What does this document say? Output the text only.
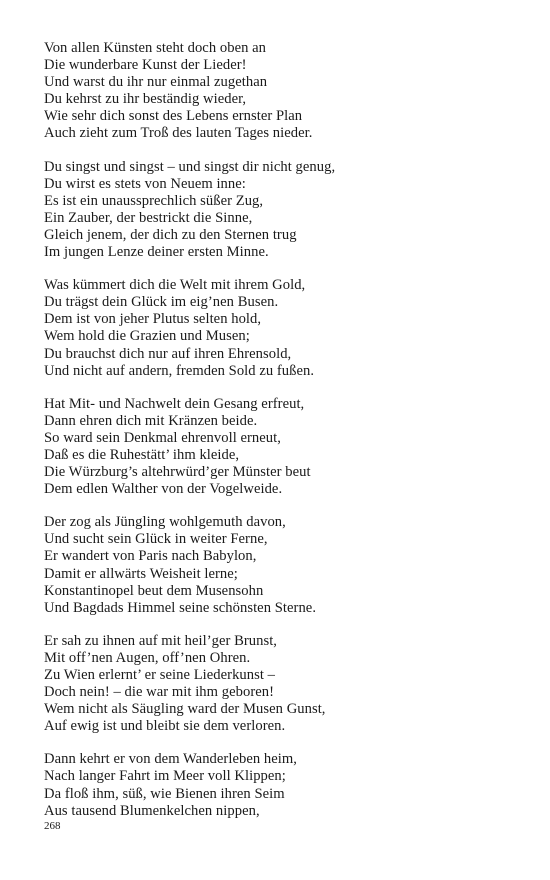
Von allen Künsten steht doch oben an
Die wunderbare Kunst der Lieder!
Und warst du ihr nur einmal zugethan
Du kehrst zu ihr beständig wieder,
Wie sehr dich sonst des Lebens ernster Plan
Auch zieht zum Troß des lauten Tages nieder.
Du singst und singst – und singst dir nicht genug,
Du wirst es stets von Neuem inne:
Es ist ein unaussprechlich süßer Zug,
Ein Zauber, der bestrickt die Sinne,
Gleich jenem, der dich zu den Sternen trug
Im jungen Lenze deiner ersten Minne.
Was kümmert dich die Welt mit ihrem Gold,
Du trägst dein Glück im eig’nen Busen.
Dem ist von jeher Plutus selten hold,
Wem hold die Grazien und Musen;
Du brauchst dich nur auf ihren Ehrensold,
Und nicht auf andern, fremden Sold zu fußen.
Hat Mit- und Nachwelt dein Gesang erfreut,
Dann ehren dich mit Kränzen beide.
So ward sein Denkmal ehrenvoll erneut,
Daß es die Ruhestätt’ ihm kleide,
Die Würzburg’s altehrwürd’ger Münster beut
Dem edlen Walther von der Vogelweide.
Der zog als Jüngling wohlgemuth davon,
Und sucht sein Glück in weiter Ferne,
Er wandert von Paris nach Babylon,
Damit er allwärts Weisheit lerne;
Konstantinopel beut dem Musensohn
Und Bagdads Himmel seine schönsten Sterne.
Er sah zu ihnen auf mit heil’ger Brunst,
Mit off’nen Augen, off’nen Ohren.
Zu Wien erlernt’ er seine Liederkunst –
Doch nein! – die war mit ihm geboren!
Wem nicht als Säugling ward der Musen Gunst,
Auf ewig ist und bleibt sie dem verloren.
Dann kehrt er von dem Wanderleben heim,
Nach langer Fahrt im Meer voll Klippen;
Da floß ihm, süß, wie Bienen ihren Seim
Aus tausend Blumenkelchen nippen,
268
